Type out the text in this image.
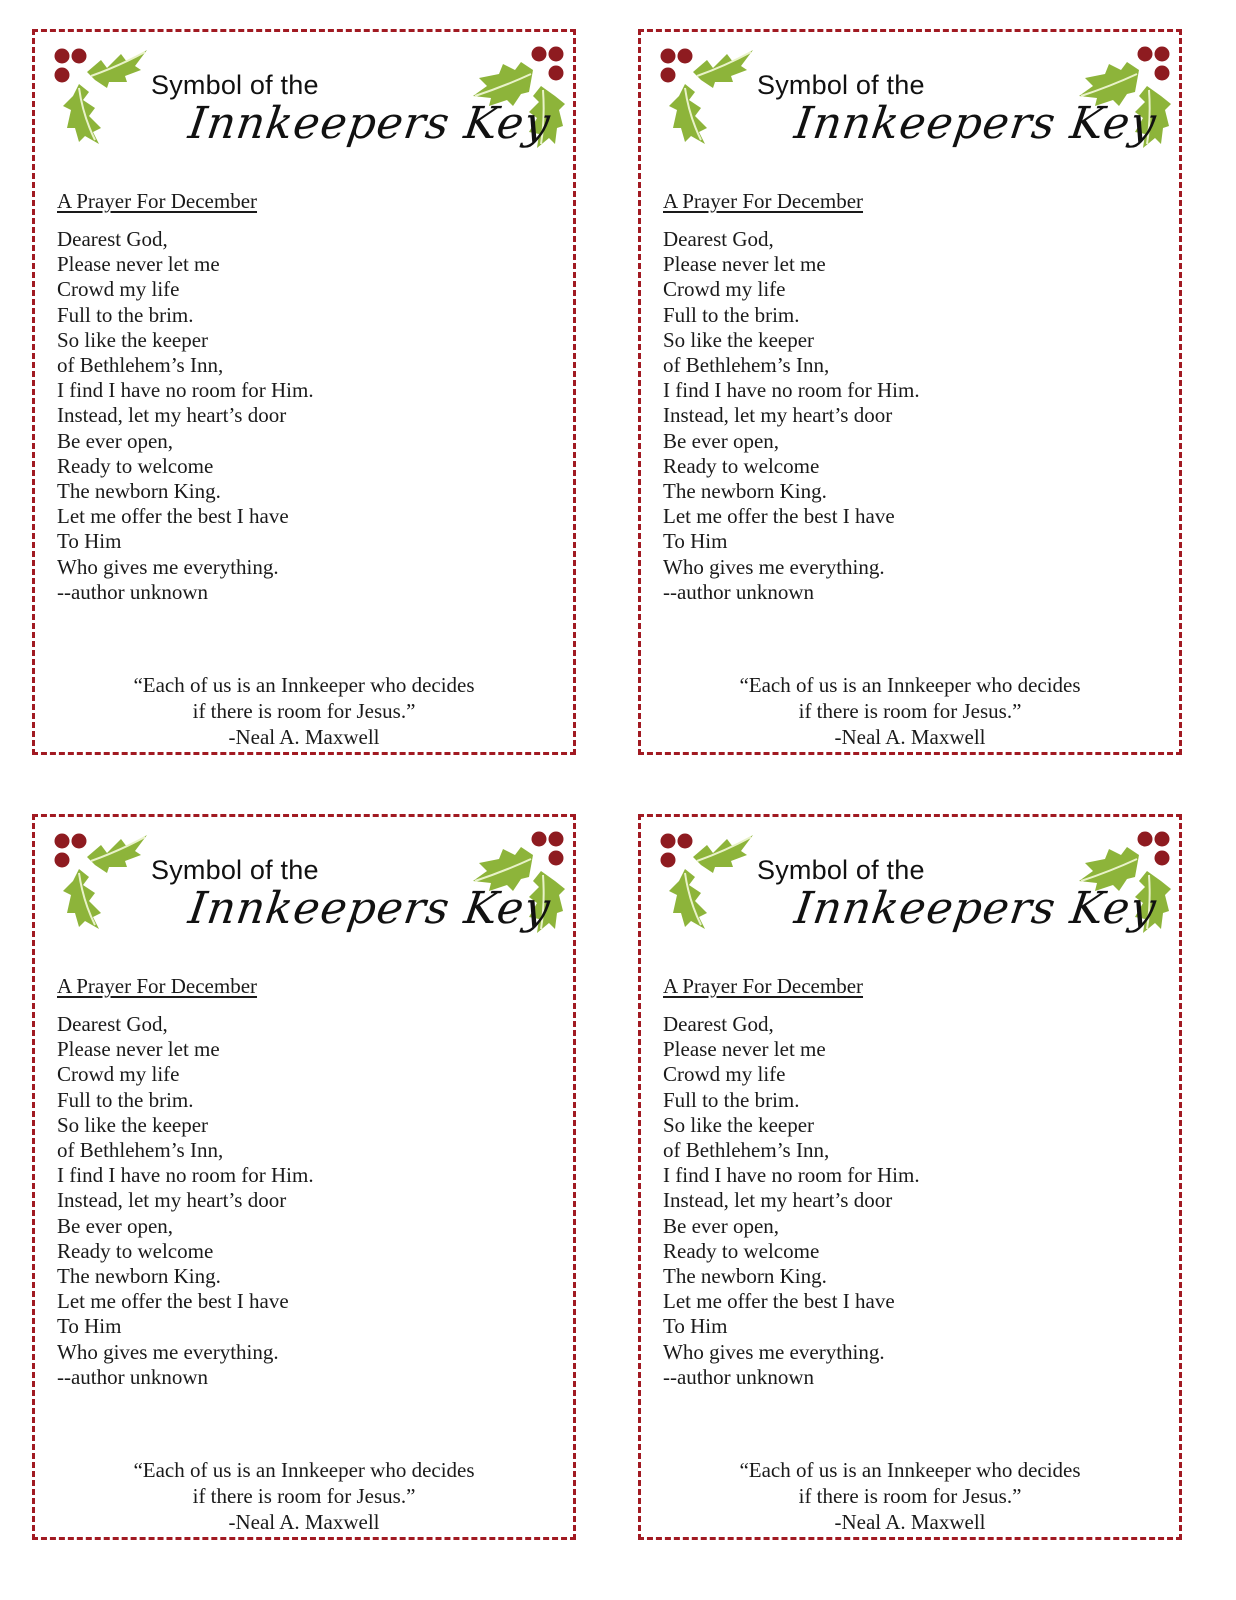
Symbol of the
Innkeepers Key
A Prayer For December
Dearest God,
Please never let me
Crowd my life
Full to the brim.
So like the keeper
of Bethlehem’s Inn,
I find I have no room for Him.
Instead, let my heart’s door
Be ever open,
Ready to welcome
The newborn King.
Let me offer the best I have
To Him
Who gives me everything.
--author unknown
“Each of us is an Innkeeper who decides
if there is room for Jesus.”
-Neal A. Maxwell
Symbol of the
Innkeepers Key
A Prayer For December
Dearest God,
Please never let me
Crowd my life
Full to the brim.
So like the keeper
of Bethlehem’s Inn,
I find I have no room for Him.
Instead, let my heart’s door
Be ever open,
Ready to welcome
The newborn King.
Let me offer the best I have
To Him
Who gives me everything.
--author unknown
“Each of us is an Innkeeper who decides
if there is room for Jesus.”
-Neal A. Maxwell
Symbol of the
Innkeepers Key
A Prayer For December
Dearest God,
Please never let me
Crowd my life
Full to the brim.
So like the keeper
of Bethlehem’s Inn,
I find I have no room for Him.
Instead, let my heart’s door
Be ever open,
Ready to welcome
The newborn King.
Let me offer the best I have
To Him
Who gives me everything.
--author unknown
“Each of us is an Innkeeper who decides
if there is room for Jesus.”
-Neal A. Maxwell
Symbol of the
Innkeepers Key
A Prayer For December
Dearest God,
Please never let me
Crowd my life
Full to the brim.
So like the keeper
of Bethlehem’s Inn,
I find I have no room for Him.
Instead, let my heart’s door
Be ever open,
Ready to welcome
The newborn King.
Let me offer the best I have
To Him
Who gives me everything.
--author unknown
“Each of us is an Innkeeper who decides
if there is room for Jesus.”
-Neal A. Maxwell
